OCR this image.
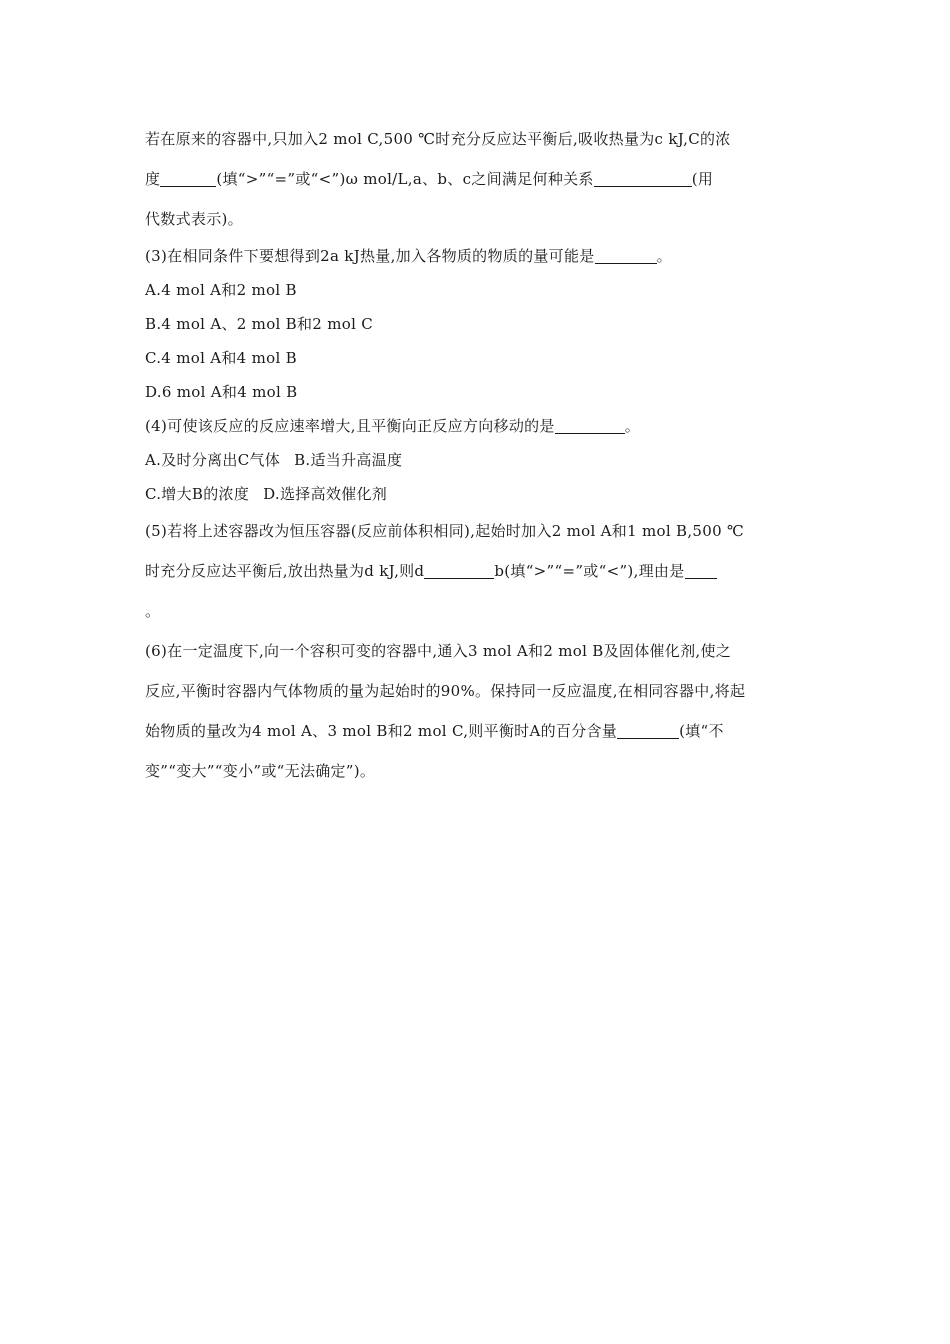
若在原来的容器中,只加入2 mol C,500 ℃时充分反应达平衡后,吸收热量为c kJ,C的浓
度	(填“>”“=”或“<”)ω mol/L,a、b、c之间满足何种关系	(用
代数式表示)。
(3)在相同条件下要想得到2a kJ热量,加入各物质的物质的量可能是	。
A.4 mol A和2 mol B
B.4 mol A、2 mol B和2 mol C
C.4 mol A和4 mol B
D.6 mol A和4 mol B
(4)可使该反应的反应速率增大,且平衡向正反应方向移动的是	。
A.及时分离出C气体 B.适当升高温度
C.增大B的浓度 D.选择高效催化剂
(5)若将上述容器改为恒压容器(反应前体积相同),起始时加入2 mol A和1 mol B,500 ℃
时充分反应达平衡后,放出热量为d kJ,则d	b(填“>”“=”或“<”),理由是
。
(6)在一定温度下,向一个容积可变的容器中,通入3 mol A和2 mol B及固体催化剂,使之
反应,平衡时容器内气体物质的量为起始时的90%。保持同一反应温度,在相同容器中,将起
始物质的量改为4 mol A、3 mol B和2 mol C,则平衡时A的百分含量	(填“不
变”“变大”“变小”或“无法确定”)。
